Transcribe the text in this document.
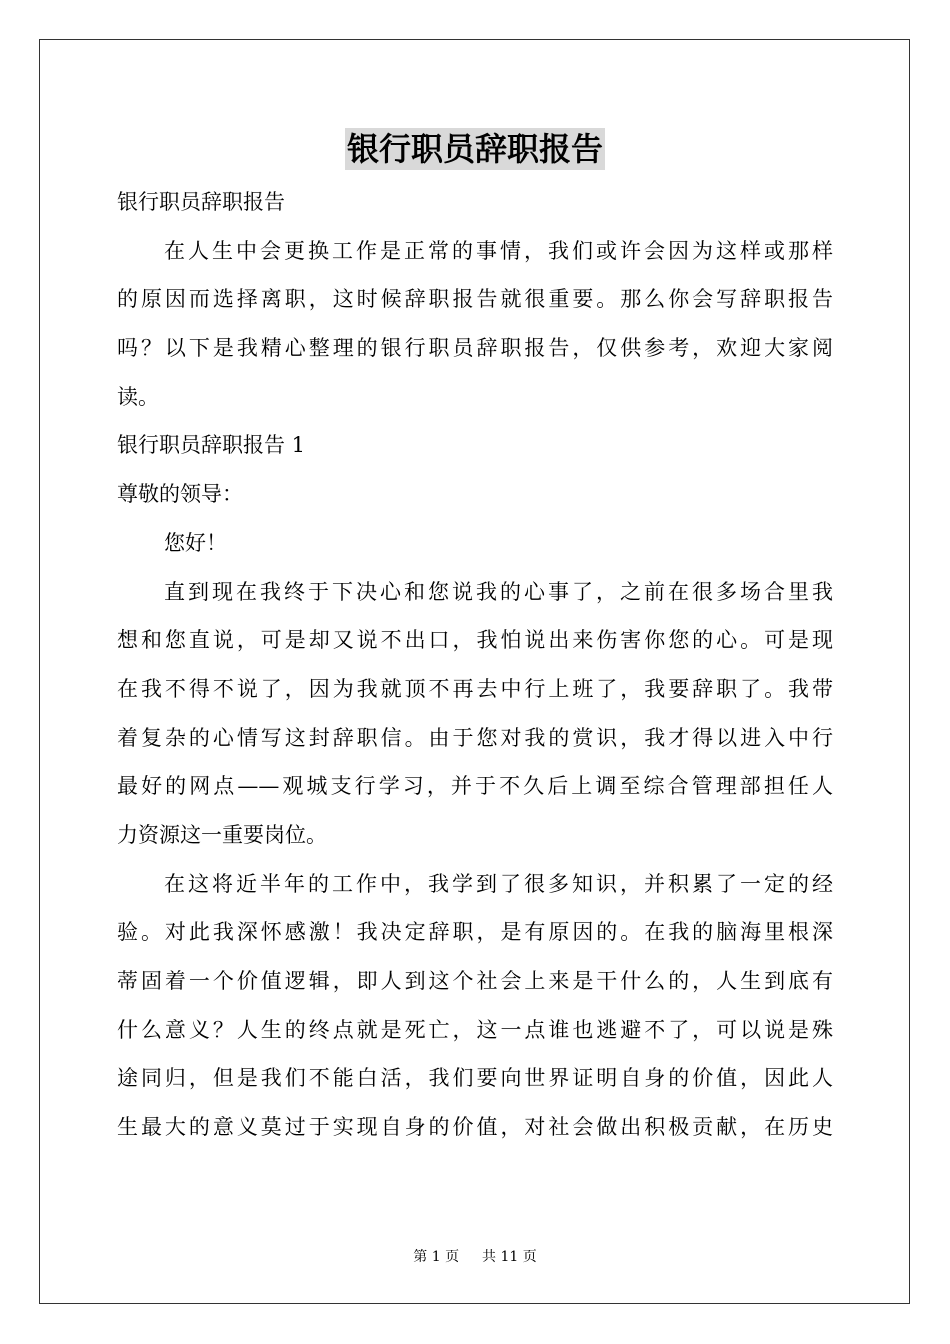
银行职员辞职报告
银行职员辞职报告
在人生中会更换工作是正常的事情，我们或许会因为这样或那样
的原因而选择离职，这时候辞职报告就很重要。那么你会写辞职报告
吗？以下是我精心整理的银行职员辞职报告，仅供参考，欢迎大家阅
读。
银行职员辞职报告 1
尊敬的领导：
您好！
直到现在我终于下决心和您说我的心事了，之前在很多场合里我
想和您直说，可是却又说不出口，我怕说出来伤害你您的心。可是现
在我不得不说了，因为我就顶不再去中行上班了，我要辞职了。我带
着复杂的心情写这封辞职信。由于您对我的赏识，我才得以进入中行
最好的网点——观城支行学习，并于不久后上调至综合管理部担任人
力资源这一重要岗位。
在这将近半年的工作中，我学到了很多知识，并积累了一定的经
验。对此我深怀感激！我决定辞职，是有原因的。在我的脑海里根深
蒂固着一个价值逻辑，即人到这个社会上来是干什么的，人生到底有
什么意义？人生的终点就是死亡，这一点谁也逃避不了，可以说是殊
途同归，但是我们不能白活，我们要向世界证明自身的价值，因此人
生最大的意义莫过于实现自身的价值，对社会做出积极贡献，在历史
第 1 页 共 11 页
